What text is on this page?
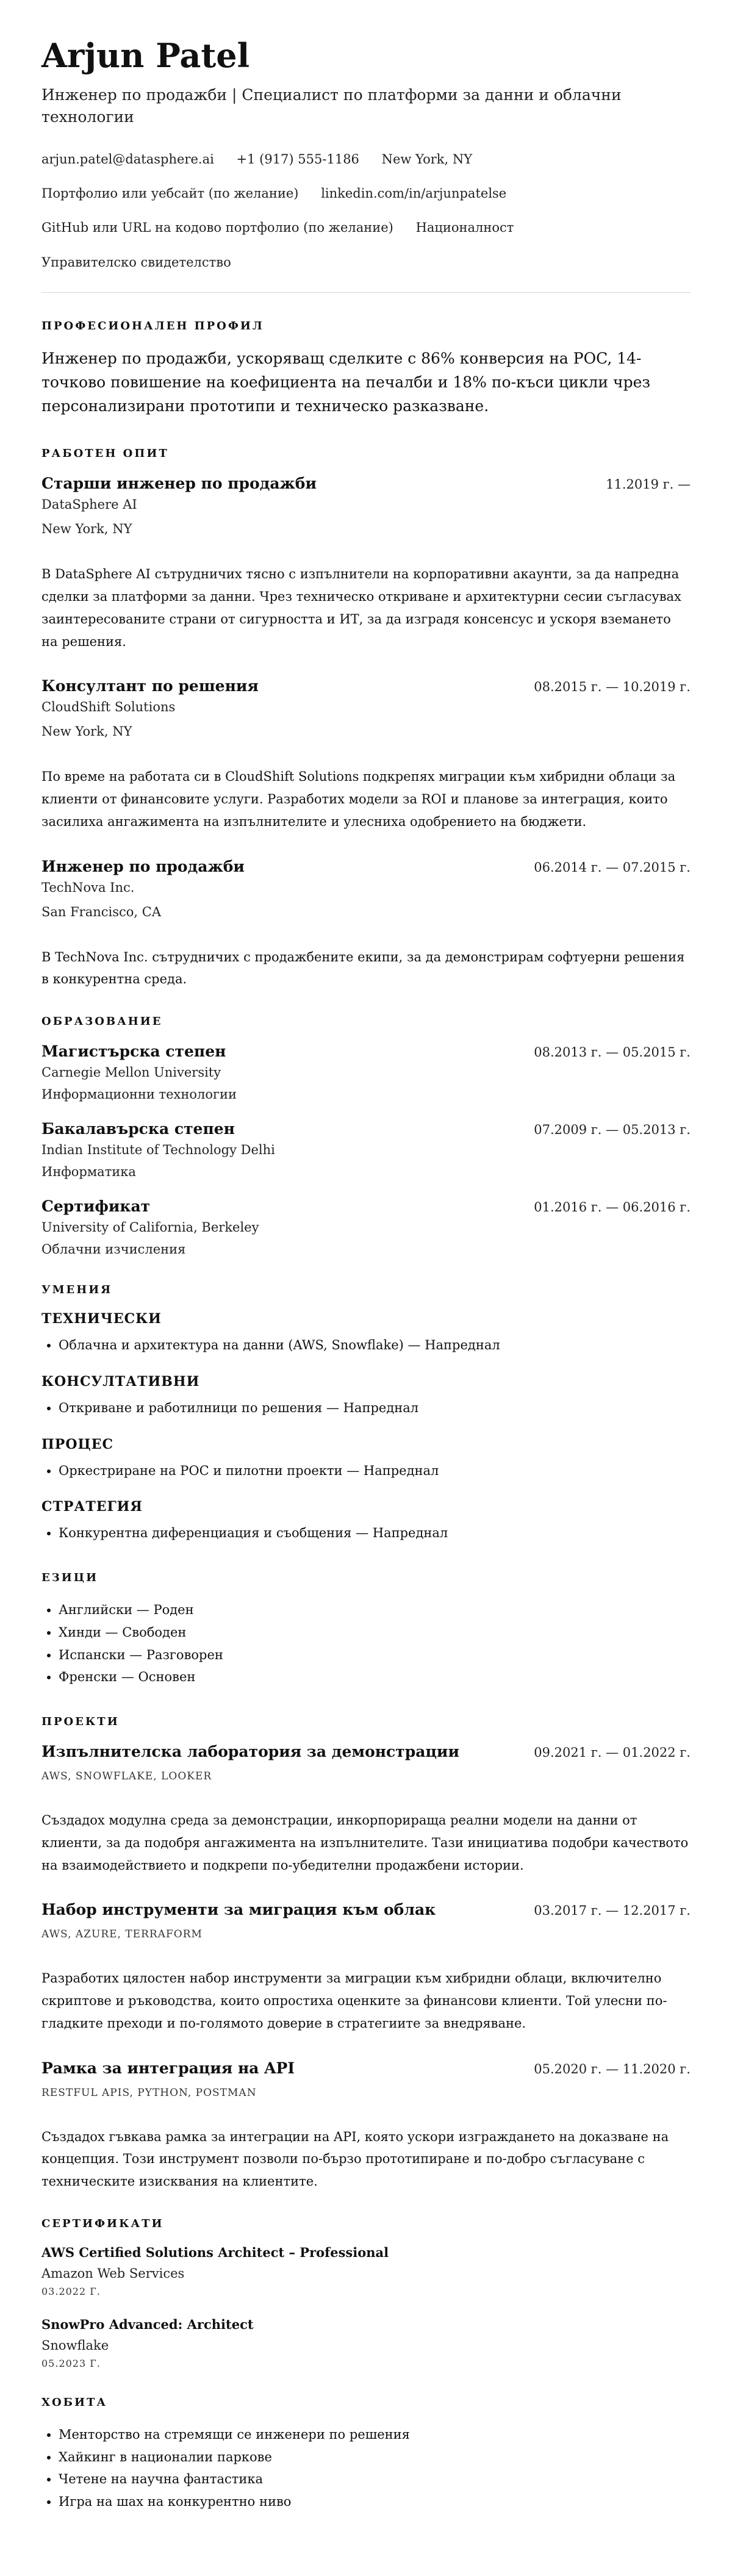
Arjun Patel
Инженер по продажби | Специалист по платформи за данни и облачни технологии
arjun.patel@datasphere.ai +1 (917) 555-1186 New York, NY
Портфолио или уебсайт (по желание) linkedin.com/in/arjunpatelse
GitHub или URL на кодово портфолио (по желание) Националност
Управителско свидетелство
ПРОФЕСИОНАЛЕН ПРОФИЛ
Инженер по продажби, ускоряващ сделките с 86% конверсия на POC, 14-точково повишение на коефициента на печалби и 18% по-къси цикли чрез персонализирани прототипи и техническо разказване.
РАБОТЕН ОПИТ
Старши инженер по продажби	11.2019 г. —
DataSphere AI
New York, NY
В DataSphere AI сътрудничих тясно с изпълнители на корпоративни акаунти, за да напредна сделки за платформи за данни. Чрез техническо откриване и архитектурни сесии съгласувах заинтересованите страни от сигурността и ИТ, за да изградя консенсус и ускоря вземането на решения.
Консултант по решения	08.2015 г. — 10.2019 г.
CloudShift Solutions
New York, NY
По време на работата си в CloudShift Solutions подкрепях миграции към хибридни облаци за клиенти от финансовите услуги. Разработих модели за ROI и планове за интеграция, които засилиха ангажимента на изпълнителите и улесниха одобрението на бюджети.
Инженер по продажби	06.2014 г. — 07.2015 г.
TechNova Inc.
San Francisco, CA
В TechNova Inc. сътрудничих с продажбените екипи, за да демонстрирам софтуерни решения в конкурентна среда.
ОБРАЗОВАНИЕ
Магистърска степен	08.2013 г. — 05.2015 г.
Carnegie Mellon University
Информационни технологии
Бакалавърска степен	07.2009 г. — 05.2013 г.
Indian Institute of Technology Delhi
Информатика
Сертификат	01.2016 г. — 06.2016 г.
University of California, Berkeley
Облачни изчисления
УМЕНИЯ
ТЕХНИЧЕСКИ
• Облачна и архитектура на данни (AWS, Snowflake) — Напреднал
КОНСУЛТАТИВНИ
• Откриване и работилници по решения — Напреднал
ПРОЦЕС
• Оркестриране на POC и пилотни проекти — Напреднал
СТРАТЕГИЯ
• Конкурентна диференциация и съобщения — Напреднал
ЕЗИЦИ
• Английски — Роден
• Хинди — Свободен
• Испански — Разговорен
• Френски — Основен
ПРОЕКТИ
Изпълнителска лаборатория за демонстрации	09.2021 г. — 01.2022 г.
AWS, SNOWFLAKE, LOOKER
Създадох модулна среда за демонстрации, инкорпорираща реални модели на данни от клиенти, за да подобря ангажимента на изпълнителите. Тази инициатива подобри качеството на взаимодействието и подкрепи по-убедителни продажбени истории.
Набор инструменти за миграция към облак	03.2017 г. — 12.2017 г.
AWS, AZURE, TERRAFORM
Разработих цялостен набор инструменти за миграции към хибридни облаци, включително скриптове и ръководства, които опростиха оценките за финансови клиенти. Той улесни по-гладките преходи и по-голямото доверие в стратегиите за внедряване.
Рамка за интеграция на API	05.2020 г. — 11.2020 г.
RESTFUL APIS, PYTHON, POSTMAN
Създадох гъвкава рамка за интеграции на API, която ускори изграждането на доказване на концепция. Този инструмент позволи по-бързо прототипиране и по-добро съгласуване с техническите изисквания на клиентите.
СЕРТИФИКАТИ
AWS Certified Solutions Architect – Professional
Amazon Web Services
03.2022 Г.
SnowPro Advanced: Architect
Snowflake
05.2023 Г.
ХОБИТА
• Менторство на стремящи се инженери по решения
• Хайкинг в националии паркове
• Четене на научна фантастика
• Игра на шах на конкурентно ниво
